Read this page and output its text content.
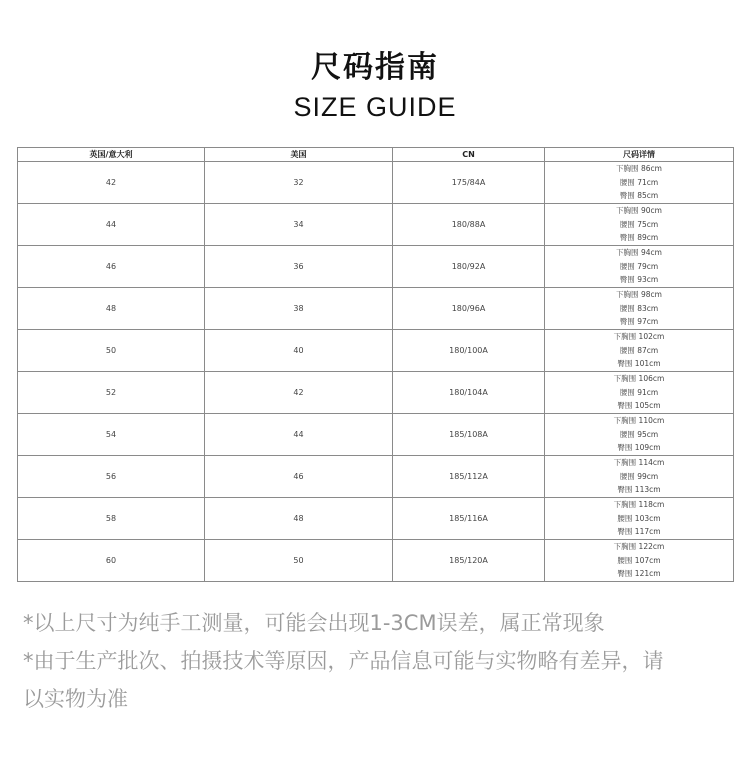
尺码指南
SIZE GUIDE
英国/意大利	美国	CN	尺码详情
42	32	175/84A	下胸围 86cm
腰围 71cm
臀围 85cm

44	34	180/88A	下胸围 90cm
腰围 75cm
臀围 89cm

46	36	180/92A	下胸围 94cm
腰围 79cm
臀围 93cm

48	38	180/96A	下胸围 98cm
腰围 83cm
臀围 97cm

50	40	180/100A	下胸围 102cm
腰围 87cm
臀围 101cm

52	42	180/104A	下胸围 106cm
腰围 91cm
臀围 105cm

54	44	185/108A	下胸围 110cm
腰围 95cm
臀围 109cm

56	46	185/112A	下胸围 114cm
腰围 99cm
臀围 113cm

58	48	185/116A	下胸围 118cm
腰围 103cm
臀围 117cm

60	50	185/120A	下胸围 122cm
腰围 107cm
臀围 121cm
*以上尺寸为纯手工测量，可能会出现1-3CM误差，属正常现象
*由于生产批次、拍摄技术等原因，产品信息可能与实物略有差异，请
以实物为准
